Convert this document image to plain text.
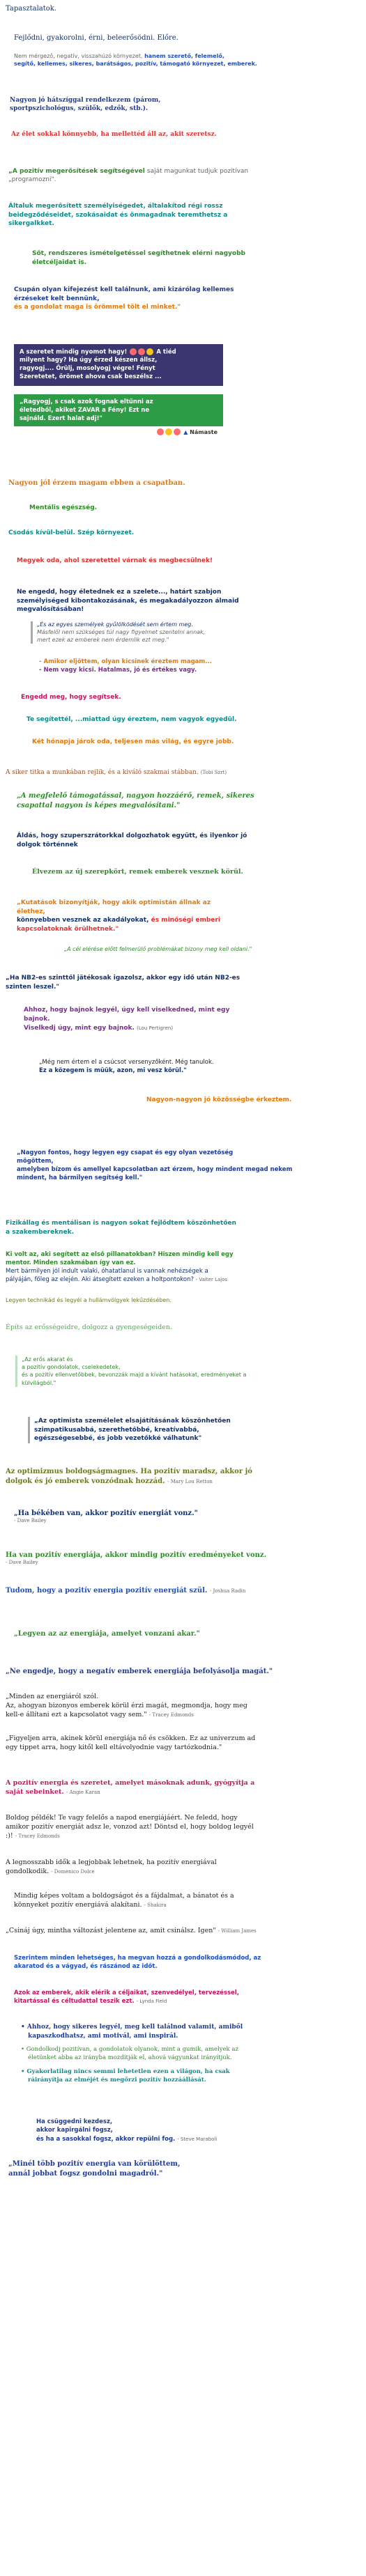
Tapasztalatok.
Fejlődni, gyakorolni, érni, beleerősödni. Előre.
Nem mérgező, negatív, visszahúzó környezet, hanem szerető, felemelő,
segítő, kellemes, sikeres, barátságos, pozitív, támogató környezet, emberek.
Nagyon jó hátszíggal rendelkezem (párom,
sportpszichológus, szülők, edzők, stb.).
Az élet sokkal könnyebb, ha mellettéd áll az, akit szeretsz.
„A pozitív megerősítések segítségével saját magunkat tudjuk pozitívan
„programozni".
Általuk megerősített személyiségedet, általakítod régi rossz
beidegződéseidet, szokásaidat és önmagadnak teremthetsz a
sikergalkket.
Sőt, rendszeres ismételgetéssel segíthetnek elérni nagyobb
életcéljaidat is.
Csupán olyan kifejezést kell találnunk, ami kizárólag kellemes
érzéseket kelt bennünk,
és a gondolat maga is örömmel tölt el minket."
A szeretet mindig nyomot hagy!	A tiéd
milyent hagy? Ha úgy érzed készen állsz,
ragyogj.... Örülj, mosolyogj végre! Fényt
Szeretetet, örömet ahova csak beszélsz ...
„Ragyogj, s csak azok fognak eltűnni az
életedből, akiket ZAVAR a Fény! Ezt ne
sajnáld. Ezert halat adj!"
▲ Námaste
Nagyon jól érzem magam ebben a csapatban.
Mentális egészség.
Csodás kívül-belül. Szép környezet.
Megyek oda, ahol szeretettel várnak és megbecsülnek!
Ne engedd, hogy életednek ez a szelete..., határt szabjon
személyiséged kibontakozásának, és megakadályozzon álmaid
megvalósításában!
„És az egyes személyek gyűlölködését sem értem meg.
Másfelől nem szükséges túl nagy figyelmet szentelni annak,
mert ezek az emberek nem érdemlik ezt meg."
- Amikor eljöttem, olyan kicsinek éreztem magam...
- Nem vagy kicsi. Hatalmas, jó és értékes vagy.
Engedd meg, hogy segítsek.
Te segítettél, ...miattad úgy éreztem, nem vagyok egyedül.
Két hónapja járok oda, teljesen más világ, és egyre jobb.
A siker titka a munkában rejlik, és a kiváló szakmai stábban. (Tobi Szrt)
„A megfelelő támogatással, nagyon hozzáérő, remek, sikeres
csapattal nagyon is képes megvalósítani."
Áldás, hogy szuperszrátorkkal dolgozhatok együtt, és ilyenkor jó
dolgok történnek
Élvezem az új szerepkört, remek emberek vesznek körül.
„Kutatások bizonyítják, hogy akik optimistán állnak az
élethez,
könnyebben vesznek az akadályokat, és minőségi emberi
kapcsolatoknak örülhetnek."
„A cél elérése előtt felmerülő problémákat bizony meg kell oldani."
„Ha NB2-es szinttől jätékosak igazolsz, akkor egy idő után NB2-es
szinten leszel."
Ahhoz, hogy bajnok legyél, úgy kell viselkedned, mint egy
bajnok.
Viselkedj úgy, mint egy bajnok. (Lou Pertigren)
„Még nem értem el a csúcsot versenyzőként. Még tanulok.
Ez a közegem is müük, azon, mi vesz körül."
Nagyon-nagyon jó közösségbe érkeztem.
„Nagyon fontos, hogy legyen egy csapat és egy olyan vezetőség
mögöttem,
amelyben bízom és amellyel kapcsolatban azt érzem, hogy mindent megad nekem
mindent, ha bármilyen segítség kell."
Fizikállag és mentálisan is nagyon sokat fejlődtem köszönhetően
a szakembereknek.
Ki volt az, aki segített az első pillanatokban? Hiszen mindig kell egy
mentor. Minden szakmában így van ez.
Mert bármilyen jól indult valaki, óhatatlanul is vannak nehézségek a
pályáján, főleg az elején. Aki átsegített ezeken a holtpontokon? - Valter Lajos
Legyen technikád és legyél a hullámvölgyek lekűzdésében.
Építs az erősségeidre, dolgozz a gyengeségeiden.
„Az erős akarat és
a pozitív gondolatok, cselekedetek,
és a pozitív ellenvetőbbek, bevonzzák majd a kívánt hatásokat, eredményeket a
külvilágból."
„Az optimista személelet elsajátításának köszönhetően
szimpatikusabbá, szerethetőbbé, kreatívabbá,
egészségesebbé, és jobb vezetőkké válhatunk"
Az optimizmus boldogságmagnes. Ha pozitív maradsz, akkor jó
dolgok és jó emberek vonzódnak hozzád. - Mary Lou Retton
„Ha békében van, akkor pozitív energiát vonz."
- Dave Bailey
Ha van pozitív energiája, akkor mindig pozitív eredményeket vonz.
- Dave Bailey
Tudom, hogy a pozitív energia pozitív energiát szül. - Joshua Radin
„Legyen az az energiája, amelyet vonzani akar."
„Ne engedje, hogy a negatív emberek energiája befolyásolja magát."
„Minden az energiáról szól.
Az, ahogyan bizonyos emberek körül érzi magát, megmondja, hogy meg
kell-e állítani ezt a kapcsolatot vagy sem." - Tracey Edmonds
„Figyeljen arra, akinek körül energiája nő és csökken. Ez az univerzum ad
egy tippet arra, hogy kitől kell eltávolyodnie vagy tartózkodnia."
A pozitív energia és szeretet, amelyet másoknak adunk, gyógyítja a
saját sebeinket. - Angie Karan
Boldog példék! Te vagy felelős a napod energiájáért. Ne feledd, hogy
amikor pozitív energiát adsz le, vonzod azt! Döntsd el, hogy boldog legyél
:)! - Tracey Edmonds
A legnosszabb idők a legjobbak lehetnek, ha pozitív energiával
gondolkodik. - Domenico Dolce
Mindig képes voltam a boldogságot és a fájdalmat, a bánatot és a
könnyeket pozitív energiává alakítani. - Shakira
„Csináj úgy, mintha változást jelentene az, amit csinálsz. Igen" - William James
Szerintem minden lehetséges, ha megvan hozzá a gondolkodásmódod, az
akaratod és a vágyad, és rászánod az időt.
Azok az emberek, akik elérik a céljaikat, szenvedélyel, tervezéssel,
kitartással és céltudattal teszik ezt. - Lynda Field
• Ahhoz, hogy sikeres legyél, meg kell találnod valamit, amiből
kapaszkodhatsz, ami motivál, ami inspirál.
• Gondolkodj pozitívan, a gondolatok olyanok, mint a gumik, amelyek az
életünket abba az irányba mozdítják el, ahová vágyunkat irányítjuk.
• Gyakorlatilag nincs semmi lehetetlen ezen a világon, ha csak
ráirányítja az elméjét és megőrzi pozitív hozzáállását.
Ha csüggedni kezdesz,
akkor kapirgálni fogsz,
és ha a sasokkal fogsz, akkor repülni fog. - Steve Maraboli
„Minél több pozitív energia van körülöttem,
annál jobbat fogsz gondolni magadról."
